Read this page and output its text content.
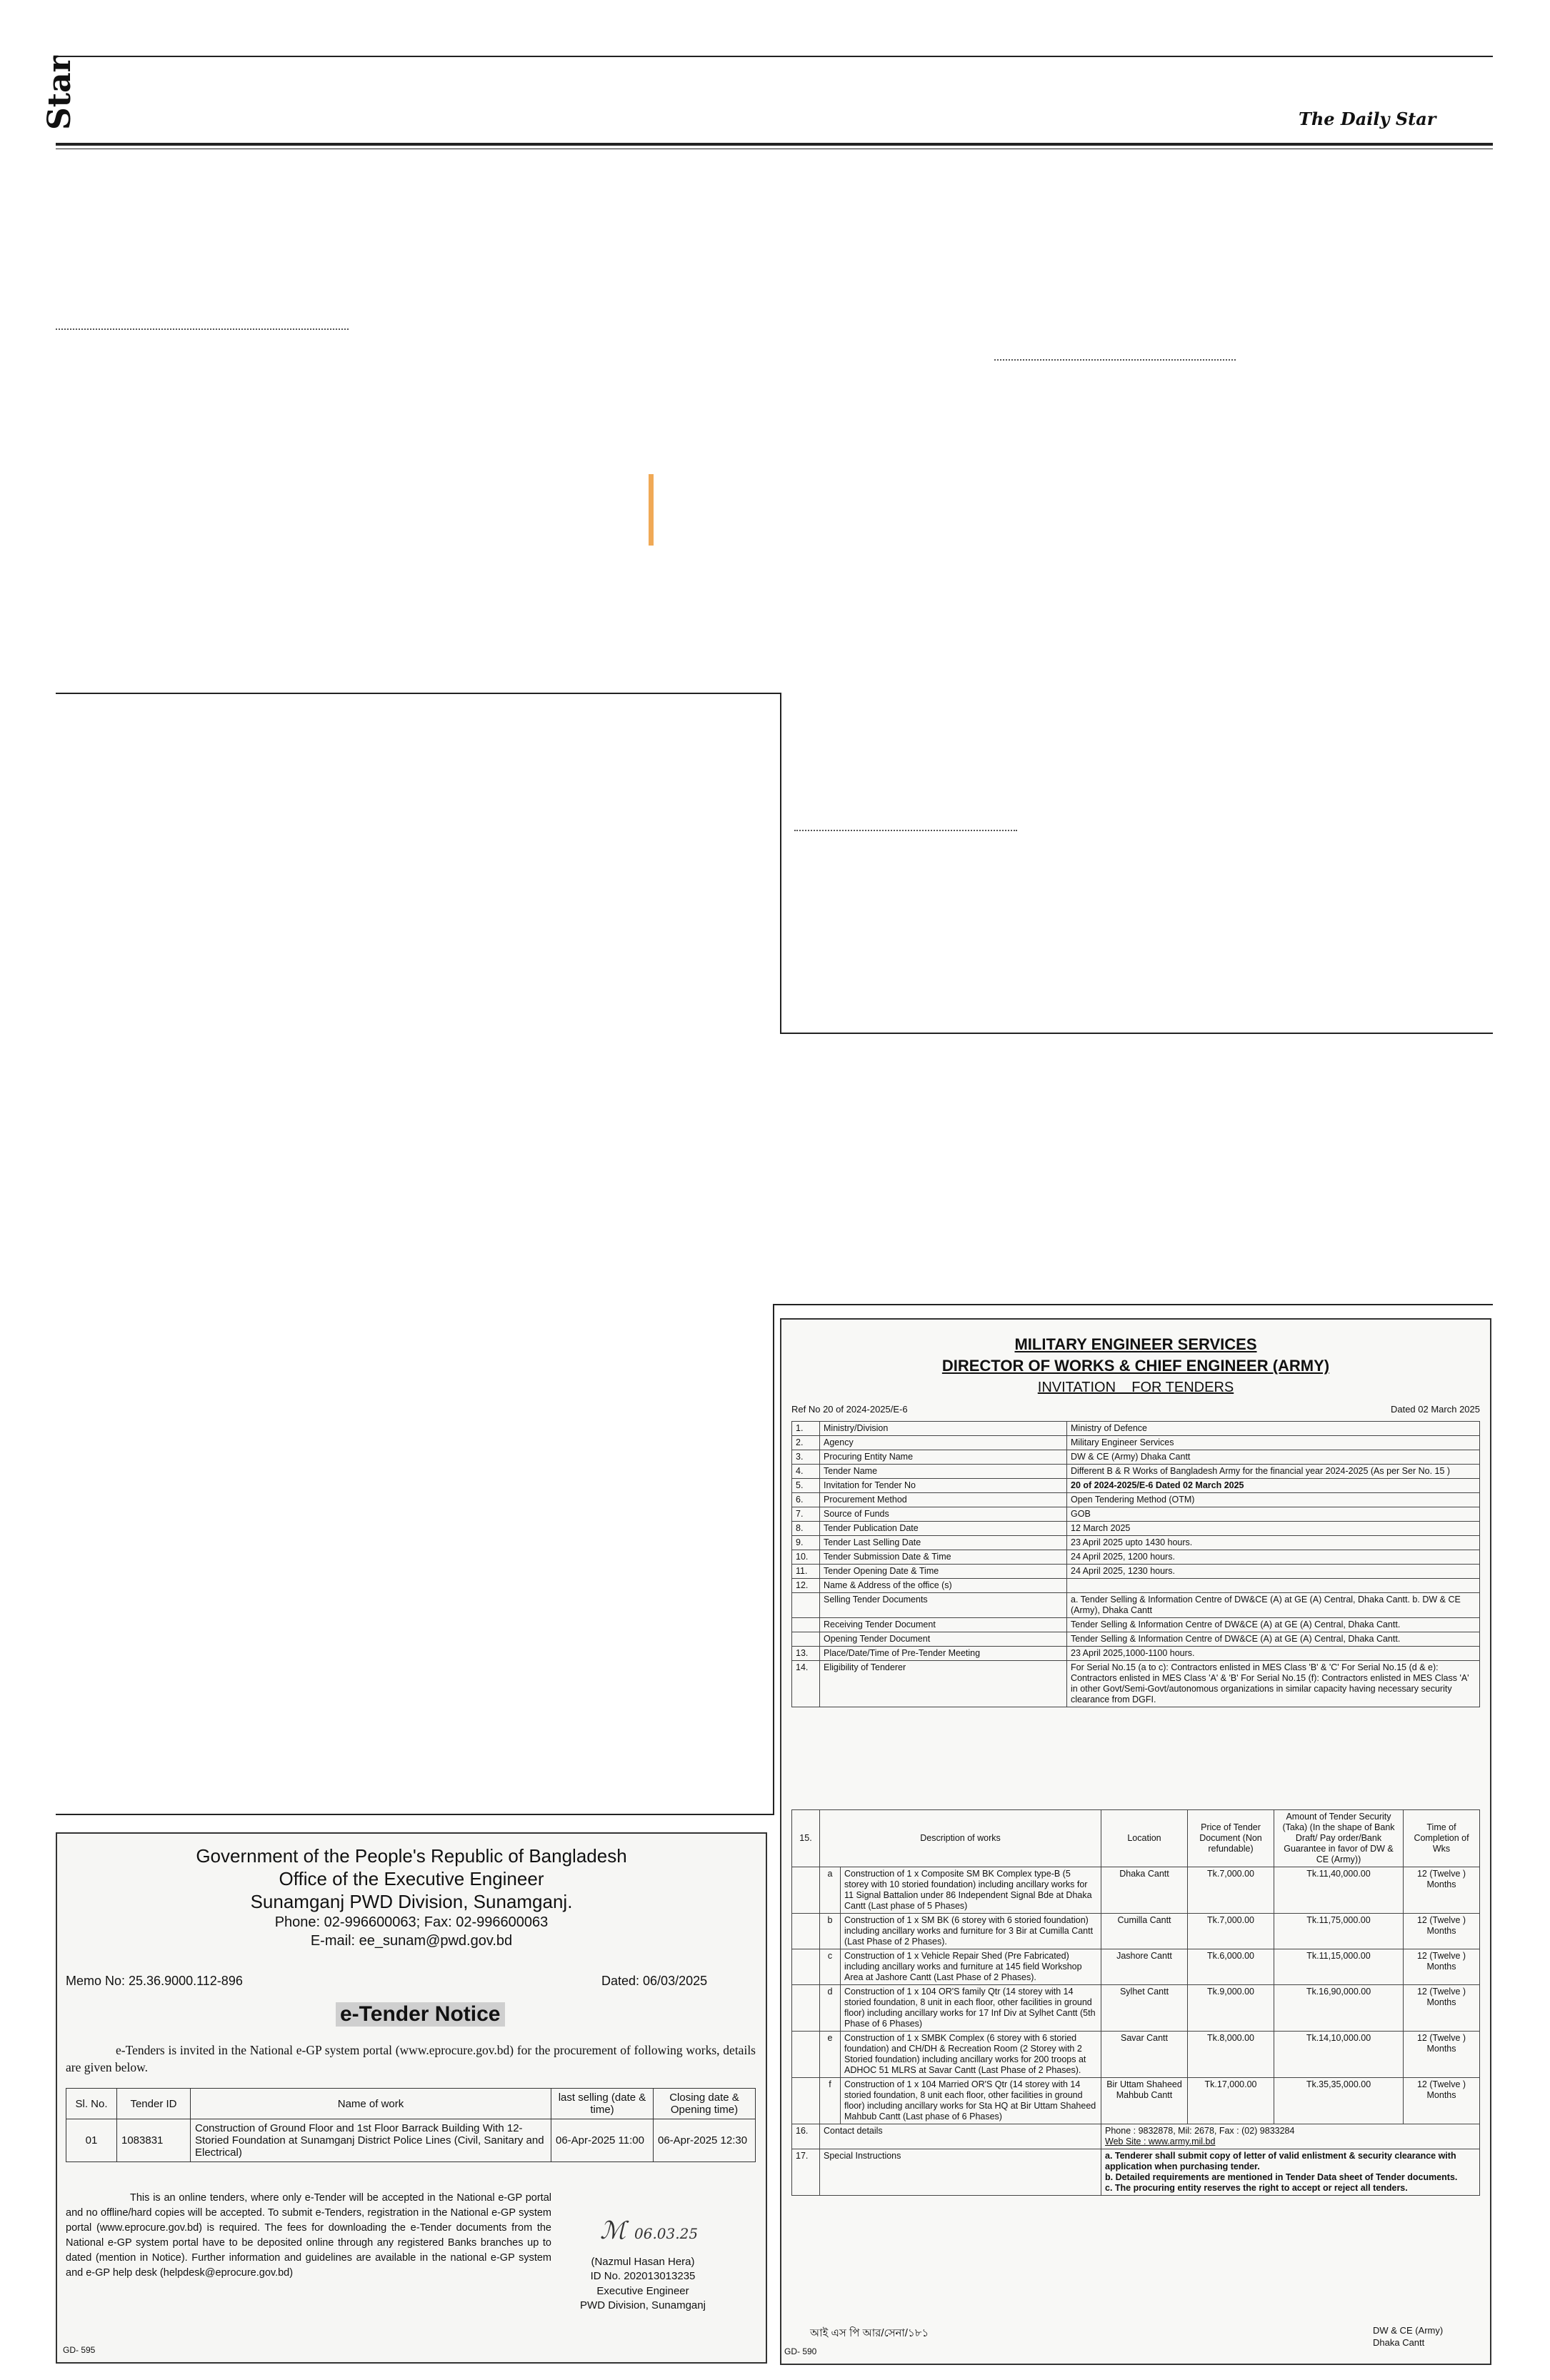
Star	The Daily Star
Government of the People's Republic of Bangladesh
Office of the Executive Engineer
Sunamganj PWD Division, Sunamganj.
Phone: 02-996600063; Fax: 02-996600063
E-mail: ee_sunam@pwd.gov.bd
Memo No: 25.36.9000.112-896	Dated: 06/03/2025
e-Tender Notice
e-Tenders is invited in the National e-GP system portal (www.eprocure.gov.bd) for the procurement of following works, details are given below.
Sl. No.	Tender ID	Name of work	last selling (date & time)	Closing date & Opening time)
01	1083831	Construction of Ground Floor and 1st Floor Barrack Building With 12-Storied Foundation at Sunamganj District Police Lines (Civil, Sanitary and Electrical)	06-Apr-2025 11:00	06-Apr-2025 12:30
This is an online tenders, where only e-Tender will be accepted in the National e-GP portal and no offline/hard copies will be accepted. To submit e-Tenders, registration in the National e-GP system portal (www.eprocure.gov.bd) is required. The fees for downloading the e-Tender documents from the National e-GP system portal have to be deposited online through any registered Banks branches up to dated (mention in Notice). Further information and guidelines are available in the national e-GP system and e-GP help desk (helpdesk@eprocure.gov.bd)
ℳ 06.03.25
(Nazmul Hasan Hera)
ID No. 202013013235
Executive Engineer
PWD Division, Sunamganj
GD- 595
MILITARY ENGINEER SERVICES
DIRECTOR OF WORKS & CHIEF ENGINEER (ARMY)
INVITATION    FOR TENDERS
Ref No 20 of 2024-2025/E-6	Dated 02 March 2025
1.	Ministry/Division	Ministry of Defence
2.	Agency	Military Engineer Services
3.	Procuring Entity Name	DW & CE (Army) Dhaka Cantt
4.	Tender Name	Different B & R Works of Bangladesh Army for the financial year 2024-2025 (As per Ser No. 15 )
5.	Invitation for Tender No	20 of 2024-2025/E-6 Dated 02 March 2025
6.	Procurement Method	Open Tendering Method (OTM)
7.	Source of Funds	GOB
8.	Tender Publication Date	12 March 2025
9.	Tender Last Selling Date	23 April 2025 upto 1430 hours.
10.	Tender Submission Date & Time	24 April 2025, 1200 hours.
11.	Tender Opening Date & Time	24 April 2025, 1230 hours.
12.	Name & Address of the office (s)	
	Selling Tender Documents	a. Tender Selling & Information Centre of DW&CE (A) at GE (A) Central, Dhaka Cantt. b. DW & CE (Army), Dhaka Cantt
	Receiving Tender Document	Tender Selling & Information Centre of DW&CE (A) at GE (A) Central, Dhaka Cantt.
	Opening Tender Document	Tender Selling & Information Centre of DW&CE (A) at GE (A) Central, Dhaka Cantt.
13.	Place/Date/Time of Pre-Tender Meeting	23 April 2025,1000-1100 hours.
14.	Eligibility of Tenderer	For Serial No.15 (a to c): Contractors enlisted in MES Class 'B' & 'C' For Serial No.15 (d & e): Contractors enlisted in MES Class 'A' & 'B' For Serial No.15 (f): Contractors enlisted in MES Class 'A' in other Govt/Semi-Govt/autonomous organizations in similar capacity having necessary security clearance from DGFI.
15.	Description of works		Location	Price of Tender Document (Non refundable)	Amount of Tender Security (Taka) (In the shape of Bank Draft/ Pay order/Bank Guarantee in favor of DW & CE (Army))	Time of Completion of Wks
	a	Construction of 1 x Composite SM BK Complex type-B (5 storey with 10 storied foundation) including ancillary works for 11 Signal Battalion under 86 Independent Signal Bde at Dhaka Cantt (Last phase of 5 Phases)	Dhaka Cantt	Tk.7,000.00	Tk.11,40,000.00	12 (Twelve ) Months
	b	Construction of 1 x SM BK (6 storey with 6 storied foundation) including ancillary works and furniture for 3 Bir at Cumilla Cantt (Last Phase of 2 Phases).	Cumilla Cantt	Tk.7,000.00	Tk.11,75,000.00	12 (Twelve ) Months
	c	Construction of 1 x Vehicle Repair Shed (Pre Fabricated) including ancillary works and furniture at 145 field Workshop Area at Jashore Cantt (Last Phase of 2 Phases).	Jashore Cantt	Tk.6,000.00	Tk.11,15,000.00	12 (Twelve ) Months
	d	Construction of 1 x 104 OR'S family Qtr (14 storey with 14 storied foundation, 8 unit in each floor, other facilities in ground floor) including ancillary works for 17 Inf Div at Sylhet Cantt (5th Phase of 6 Phases)	Sylhet Cantt	Tk.9,000.00	Tk.16,90,000.00	12 (Twelve ) Months
	e	Construction of 1 x SMBK Complex (6 storey with 6 storied foundation) and CH/DH & Recreation Room (2 Storey with 2 Storied foundation) including ancillary works for 200 troops at ADHOC 51 MLRS at Savar Cantt (Last Phase of 2 Phases).	Savar Cantt	Tk.8,000.00	Tk.14,10,000.00	12 (Twelve ) Months
	f	Construction of 1 x 104 Married OR'S Qtr (14 storey with 14 storied foundation, 8 unit each floor, other facilities in ground floor) including ancillary works for Sta HQ at Bir Uttam Shaheed Mahbub Cantt (Last phase of 6 Phases)	Bir Uttam Shaheed Mahbub Cantt	Tk.17,000.00	Tk.35,35,000.00	12 (Twelve ) Months
16.	Contact details		Phone : 9832878, Mil: 2678, Fax : (02) 9833284
Web Site : www.army.mil.bd			

17.	Special Instructions		a. Tenderer shall submit copy of letter of valid enlistment & security clearance with application when purchasing tender.
b. Detailed requirements are mentioned in Tender Data sheet of Tender documents.
c. The procuring entity reserves the right to accept or reject all tenders.			
আই এস পি আর/সেনা/১৮১
GD- 590
DW & CE (Army)
Dhaka Cantt
